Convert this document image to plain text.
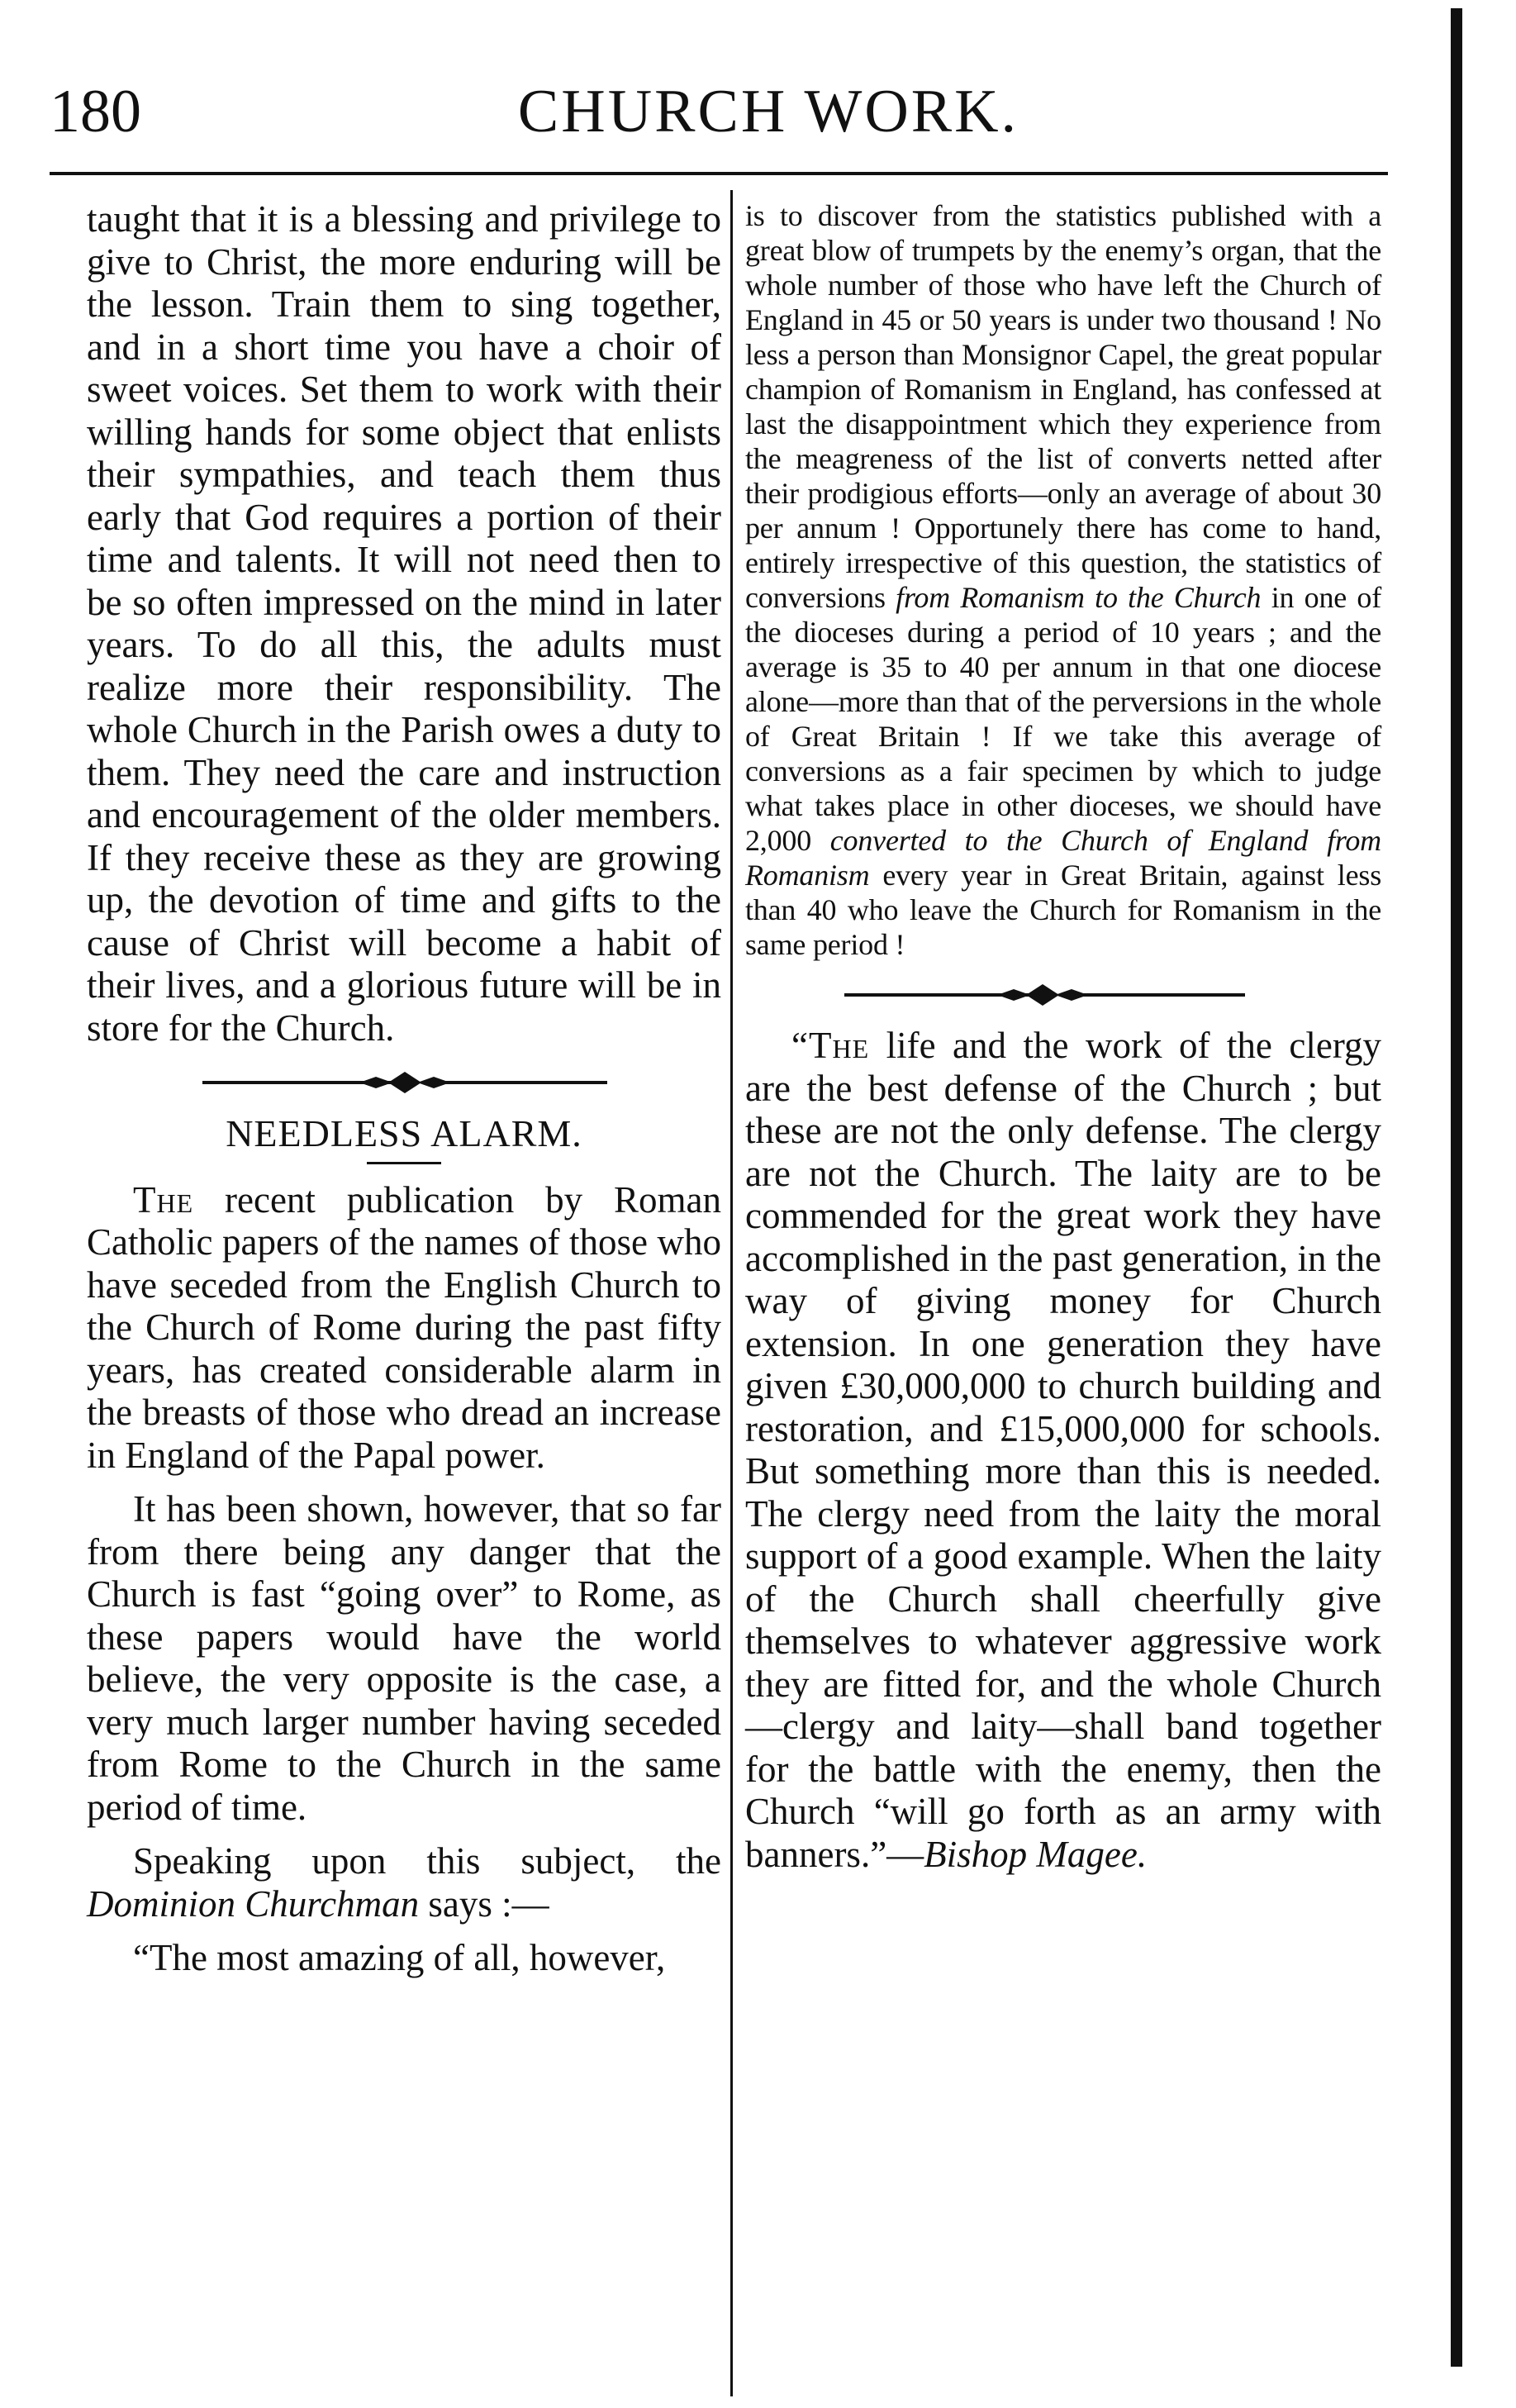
180	CHURCH WORK.

taught that it is a blessing and privilege to give to Christ, the more enduring will be the lesson. Train them to sing together, and in a short time you have a choir of sweet voices. Set them to work with their willing hands for some object that enlists their sympathies, and teach them thus early that God requires a portion of their time and talents. It will not need then to be so often impressed on the mind in later years. To do all this, the adults must realize more their responsibility. The whole Church in the Parish owes a duty to them. They need the care and instruction and encouragement of the older members. If they receive these as they are growing up, the devotion of time and gifts to the cause of Christ will become a habit of their lives, and a glorious future will be in store for the Church.

NEEDLESS ALARM.

The recent publication by Roman Catholic papers of the names of those who have seceded from the English Church to the Church of Rome during the past fifty years, has created considerable alarm in the breasts of those who dread an increase in England of the Papal power.

It has been shown, however, that so far from there being any danger that the Church is fast “going over” to Rome, as these papers would have the world believe, the very opposite is the case, a very much larger number having seceded from Rome to the Church in the same period of time.

Speaking upon this subject, the Dominion Churchman says :—

“The most amazing of all, however,

is to discover from the statistics published with a great blow of trumpets by the enemy’s organ, that the whole number of those who have left the Church of England in 45 or 50 years is under two thousand ! No less a person than Monsignor Capel, the great popular champion of Romanism in England, has confessed at last the disappointment which they experience from the meagreness of the list of converts netted after their prodigious efforts—only an average of about 30 per annum ! Opportunely there has come to hand, entirely irrespective of this question, the statistics of conversions from Romanism to the Church in one of the dioceses during a period of 10 years ; and the average is 35 to 40 per annum in that one diocese alone—more than that of the perversions in the whole of Great Britain ! If we take this average of conversions as a fair specimen by which to judge what takes place in other dioceses, we should have 2,000 converted to the Church of England from Romanism every year in Great Britain, against less than 40 who leave the Church for Romanism in the same period !

“The life and the work of the clergy are the best defense of the Church ; but these are not the only defense. The clergy are not the Church. The laity are to be commended for the great work they have accomplished in the past generation, in the way of giving money for Church extension. In one generation they have given £30,000,000 to church building and restoration, and £15,000,000 for schools. But something more than this is needed. The clergy need from the laity the moral support of a good example. When the laity of the Church shall cheerfully give themselves to whatever aggressive work they are fitted for, and the whole Church—clergy and laity—shall band together for the battle with the enemy, then the Church “will go forth as an army with banners.”—Bishop Magee.
